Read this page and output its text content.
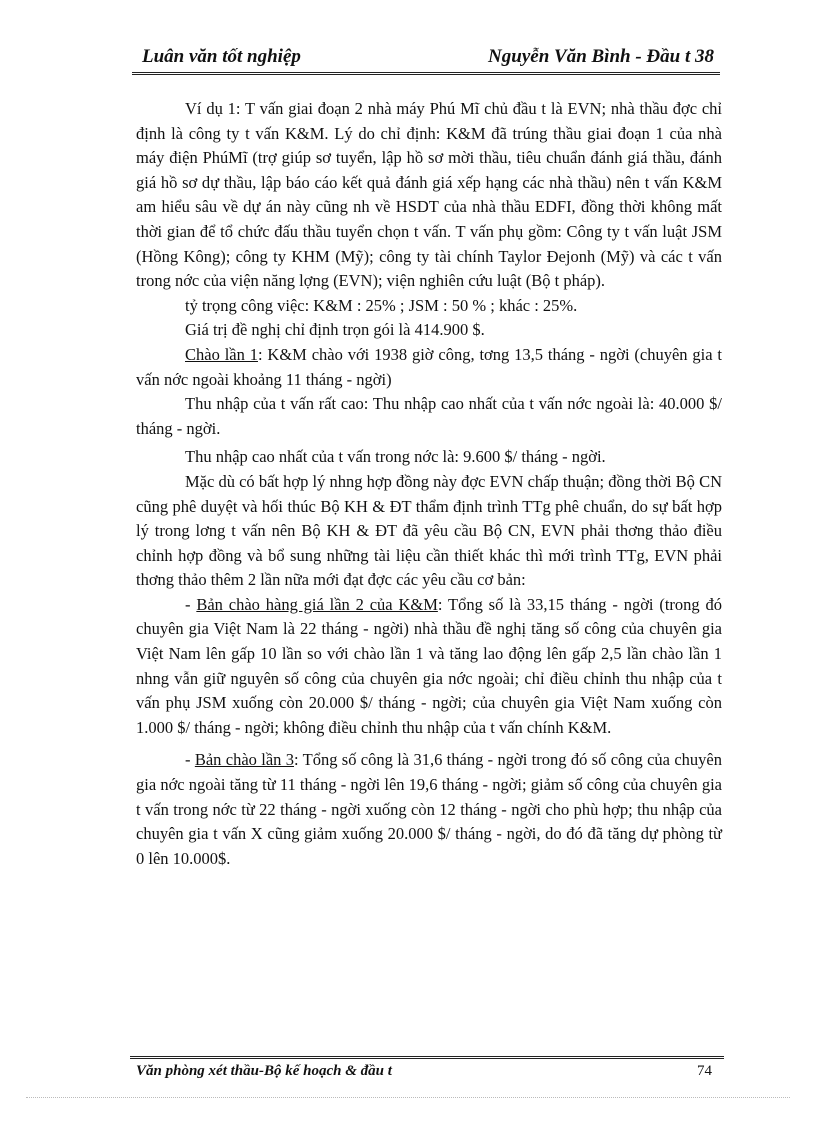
Luân văn tốt nghiệp	Nguyễn Văn Bình - Đầu t 38

Ví dụ 1: T vấn giai đoạn 2 nhà máy Phú Mĩ chủ đầu t là EVN; nhà thầu đợc chỉ định là công ty t vấn K&M. Lý do chỉ định: K&M đã trúng thầu giai đoạn 1 của nhà máy điện PhúMĩ (trợ giúp sơ tuyển, lập hồ sơ mời thầu, tiêu chuẩn đánh giá thầu, đánh giá hồ sơ dự thầu, lập báo cáo kết quả đánh giá xếp hạng các nhà thầu) nên t vấn K&M am hiểu sâu về dự án này cũng nh về HSDT của nhà thầu EDFI, đồng thời không mất thời gian để tổ chức đấu thầu tuyển chọn t vấn. T vấn phụ gồm: Công ty t vấn luật JSM (Hồng Kông); công ty KHM (Mỹ); công ty tài chính Taylor Đejonh (Mỹ) và các t vấn trong nớc của viện năng lợng (EVN); viện nghiên cứu luật (Bộ t pháp).

tỷ trọng công việc: K&M : 25% ; JSM : 50 % ; khác : 25%.

Giá trị đề nghị chỉ định trọn gói là 414.900 $.

Chào lần 1: K&M chào với 1938 giờ công, tơng 13,5 tháng - ngời (chuyên gia t vấn nớc ngoài khoảng 11 tháng - ngời)

Thu nhập của t vấn rất cao: Thu nhập cao nhất của t vấn nớc ngoài là: 40.000 $/ tháng - ngời.

Thu nhập cao nhất của t vấn trong nớc là: 9.600 $/ tháng - ngời.

Mặc dù có bất hợp lý nhng hợp đồng này đợc EVN chấp thuận; đồng thời Bộ CN cũng phê duyệt và hối thúc Bộ KH & ĐT thẩm định trình TTg phê chuẩn, do sự bất hợp lý trong lơng t vấn nên Bộ KH & ĐT đã yêu cầu Bộ CN, EVN phải thơng thảo điều chỉnh hợp đồng và bổ sung những tài liệu cần thiết khác thì mới trình TTg, EVN phải thơng thảo thêm 2 lần nữa mới đạt đợc các yêu cầu cơ bản:

- Bản chào hàng giá lần 2 của K&M: Tổng số là 33,15 tháng - ngời (trong đó chuyên gia Việt Nam là 22 tháng - ngời) nhà thầu đề nghị tăng số công của chuyên gia Việt Nam lên gấp 10 lần so với chào lần 1 và tăng lao động lên gấp 2,5 lần chào lần 1 nhng vẫn giữ nguyên số công của chuyên gia nớc ngoài; chỉ điều chỉnh thu nhập của t vấn phụ JSM xuống còn 20.000 $/ tháng - ngời; của chuyên gia Việt Nam xuống còn 1.000 $/ tháng - ngời; không điều chỉnh thu nhập của t vấn chính K&M.

- Bản chào lần 3: Tổng số công là 31,6 tháng - ngời trong đó số công của chuyên gia nớc ngoài tăng từ 11 tháng - ngời lên 19,6 tháng - ngời; giảm số công của chuyên gia t vấn trong nớc từ 22 tháng - ngời xuống còn 12 tháng - ngời cho phù hợp; thu nhập của chuyên gia t vấn X cũng giảm xuống 20.000 $/ tháng - ngời, do đó đã tăng dự phòng từ 0 lên 10.000$.

Văn phòng xét thầu-Bộ kế hoạch & đầu t	74
